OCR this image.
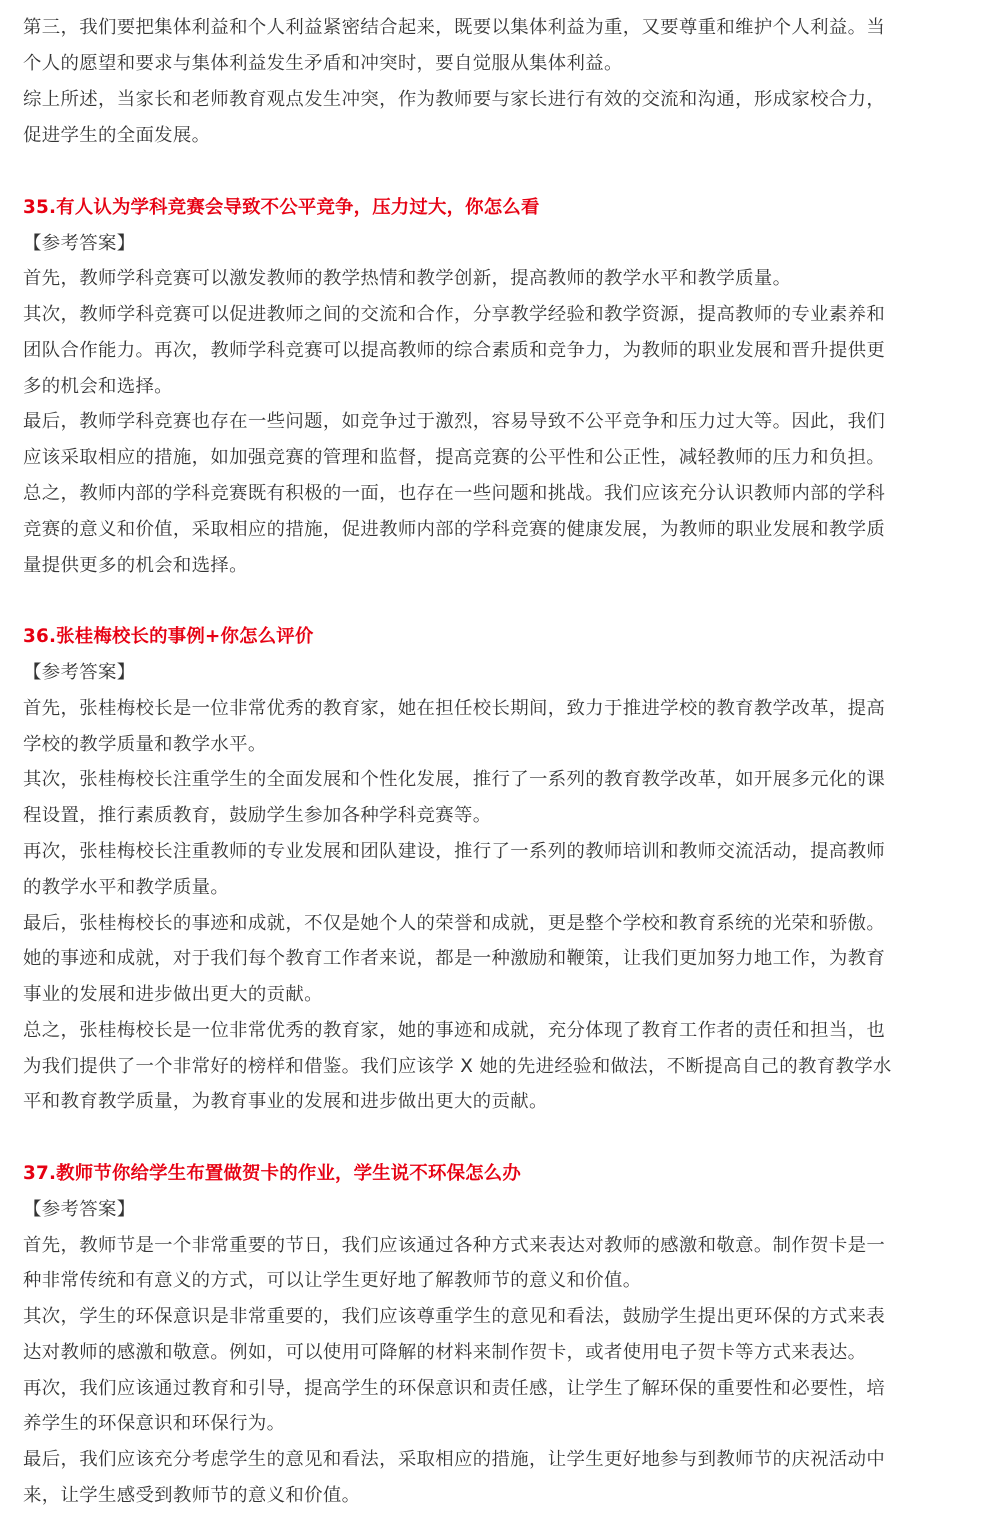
第三，我们要把集体利益和个人利益紧密结合起来，既要以集体利益为重，又要尊重和维护个人利益。当
个人的愿望和要求与集体利益发生矛盾和冲突时，要自觉服从集体利益。
综上所述，当家长和老师教育观点发生冲突，作为教师要与家长进行有效的交流和沟通，形成家校合力，
促进学生的全面发展。
35.有人认为学科竞赛会导致不公平竞争，压力过大，你怎么看
【参考答案】
首先，教师学科竞赛可以激发教师的教学热情和教学创新，提高教师的教学水平和教学质量。
其次，教师学科竞赛可以促进教师之间的交流和合作，分享教学经验和教学资源，提高教师的专业素养和
团队合作能力。再次，教师学科竞赛可以提高教师的综合素质和竞争力，为教师的职业发展和晋升提供更
多的机会和选择。
最后，教师学科竞赛也存在一些问题，如竞争过于激烈，容易导致不公平竞争和压力过大等。因此，我们
应该采取相应的措施，如加强竞赛的管理和监督，提高竞赛的公平性和公正性，减轻教师的压力和负担。
总之，教师内部的学科竞赛既有积极的一面，也存在一些问题和挑战。我们应该充分认识教师内部的学科
竞赛的意义和价值，采取相应的措施，促进教师内部的学科竞赛的健康发展，为教师的职业发展和教学质
量提供更多的机会和选择。
36.张桂梅校长的事例+你怎么评价
【参考答案】
首先，张桂梅校长是一位非常优秀的教育家，她在担任校长期间，致力于推进学校的教育教学改革，提高
学校的教学质量和教学水平。
其次，张桂梅校长注重学生的全面发展和个性化发展，推行了一系列的教育教学改革，如开展多元化的课
程设置，推行素质教育，鼓励学生参加各种学科竞赛等。
再次，张桂梅校长注重教师的专业发展和团队建设，推行了一系列的教师培训和教师交流活动，提高教师
的教学水平和教学质量。
最后，张桂梅校长的事迹和成就，不仅是她个人的荣誉和成就，更是整个学校和教育系统的光荣和骄傲。
她的事迹和成就，对于我们每个教育工作者来说，都是一种激励和鞭策，让我们更加努力地工作，为教育
事业的发展和进步做出更大的贡献。
总之，张桂梅校长是一位非常优秀的教育家，她的事迹和成就，充分体现了教育工作者的责任和担当，也
为我们提供了一个非常好的榜样和借鉴。我们应该学 X 她的先进经验和做法，不断提高自己的教育教学水
平和教育教学质量，为教育事业的发展和进步做出更大的贡献。
37.教师节你给学生布置做贺卡的作业，学生说不环保怎么办
【参考答案】
首先，教师节是一个非常重要的节日，我们应该通过各种方式来表达对教师的感激和敬意。制作贺卡是一
种非常传统和有意义的方式，可以让学生更好地了解教师节的意义和价值。
其次，学生的环保意识是非常重要的，我们应该尊重学生的意见和看法，鼓励学生提出更环保的方式来表
达对教师的感激和敬意。例如，可以使用可降解的材料来制作贺卡，或者使用电子贺卡等方式来表达。
再次，我们应该通过教育和引导，提高学生的环保意识和责任感，让学生了解环保的重要性和必要性，培
养学生的环保意识和环保行为。
最后，我们应该充分考虑学生的意见和看法，采取相应的措施，让学生更好地参与到教师节的庆祝活动中
来，让学生感受到教师节的意义和价值。
